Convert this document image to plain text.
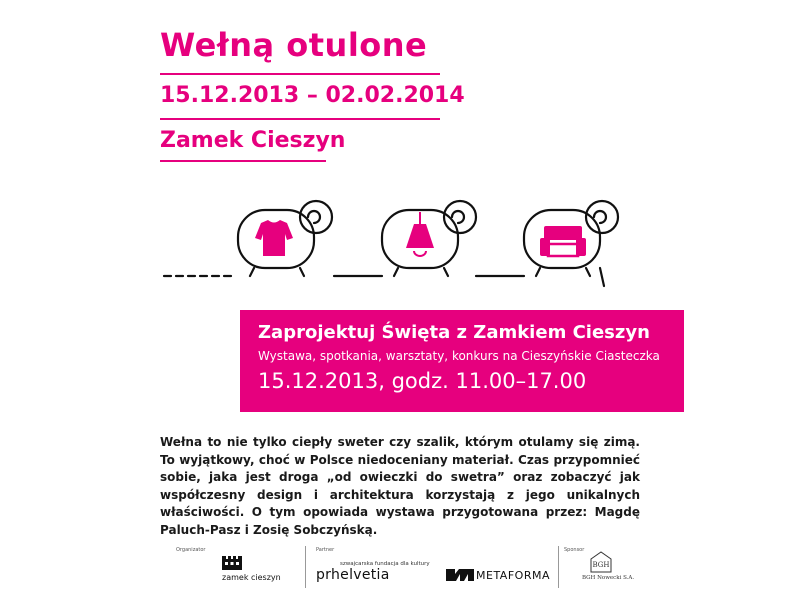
Wełną otulone
15.12.2013 – 02.02.2014
Zamek Cieszyn
Zaprojektuj Święta z Zamkiem Cieszyn
Wystawa, spotkania, warsztaty, konkurs na Cieszyńskie Ciasteczka
15.12.2013, godz. 11.00–17.00
Wełna to nie tylko ciepły sweter czy szalik, którym otulamy się zimą. To wyjątkowy, choć w Polsce niedoceniany materiał. Czas przypomnieć sobie, jaka jest droga „od owieczki do swetra” oraz zobaczyć jak współczesny design i architektura korzystają z jego unikalnych właściwości. O tym opowiada wystawa przygotowana przez: Magdę Paluch-Pasz i Zosię Sobczyńską.
Organizator	Partner	Sponsor
zamek cieszyn
szwajcarska fundacja dla kultury
prhelvetia	METAFORMA
BGH
BGH Nowecki S.A.
